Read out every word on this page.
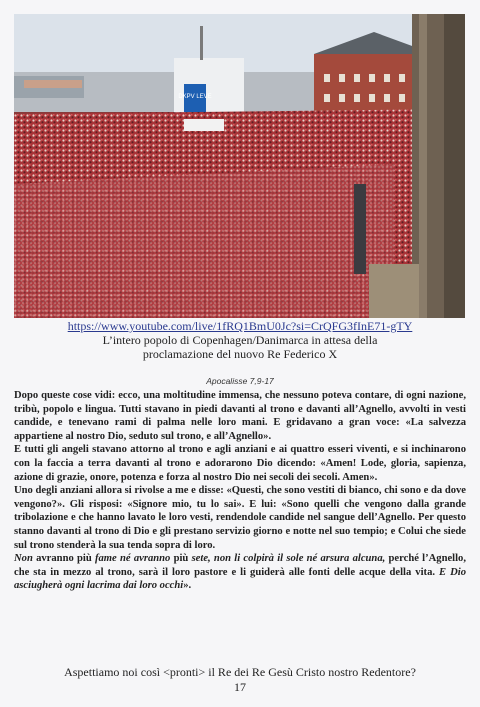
DKPV LEVE
https://www.youtube.com/live/1fRQ1BmU0Jc?si=CrQFG3fInE71-gTY
L’intero popolo di Copenhagen/Danimarca in attesa della
proclamazione del nuovo Re Federico X
Apocalisse 7,9-17

Dopo queste cose vidi: ecco, una moltitudine immensa, che nessuno poteva contare, di ogni nazione, tribù, popolo e lingua. Tutti stavano in piedi davanti al trono e davanti all’Agnello, avvolti in vesti candide, e tenevano rami di palma nelle loro mani. E gridavano a gran voce: «La salvezza appartiene al nostro Dio, seduto sul trono, e all’Agnello».

E tutti gli angeli stavano attorno al trono e agli anziani e ai quattro esseri viventi, e si inchinarono con la faccia a terra davanti al trono e adorarono Dio dicendo: «Amen! Lode, gloria, sapienza, azione di grazie, onore, potenza e forza al nostro Dio nei secoli dei secoli. Amen».

Uno degli anziani allora si rivolse a me e disse: «Questi, che sono vestiti di bianco, chi sono e da dove vengono?». Gli risposi: «Signore mio, tu lo sai». E lui: «Sono quelli che vengono dalla grande tribolazione e che hanno lavato le loro vesti, rendendole candide nel sangue dell’Agnello. Per questo stanno davanti al trono di Dio e gli prestano servizio giorno e notte nel suo tempio; e Colui che siede sul trono stenderà la sua tenda sopra di loro.

Non avranno più fame né avranno più sete, non li colpirà il sole né arsura alcuna, perché l’Agnello, che sta in mezzo al trono, sarà il loro pastore e li guiderà alle fonti delle acque della vita. E Dio asciugherà ogni lacrima dai loro occhi».

Aspettiamo noi così <pronti> il Re dei Re Gesù Cristo nostro Redentore?
17
